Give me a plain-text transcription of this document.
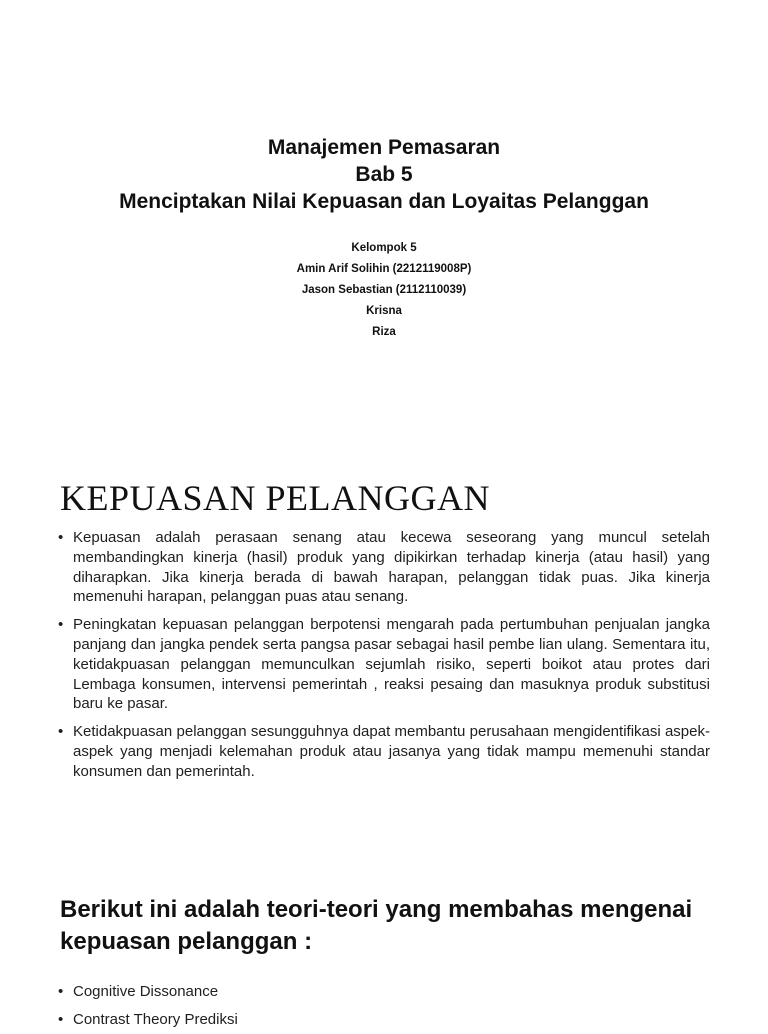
Manajemen Pemasaran
Bab 5
Menciptakan Nilai Kepuasan dan Loyaitas Pelanggan
Kelompok 5
Amin Arif Solihin (2212119008P)
Jason Sebastian (2112110039)
Krisna
Riza
KEPUASAN PELANGGAN
• Kepuasan adalah perasaan senang atau kecewa seseorang yang muncul setelah membandingkan kinerja (hasil) produk yang dipikirkan terhadap kinerja (atau hasil) yang diharapkan. Jika kinerja berada di bawah harapan, pelanggan tidak puas. Jika kinerja memenuhi harapan, pelanggan puas atau senang.
• Peningkatan kepuasan pelanggan berpotensi mengarah pada pertumbuhan penjualan jangka panjang dan jangka pendek serta pangsa pasar sebagai hasil pembe lian ulang. Sementara itu, ketidakpuasan pelanggan memunculkan sejumlah risiko, seperti boikot atau protes dari Lembaga konsumen, intervensi pemerintah , reaksi pesaing dan masuknya produk substitusi baru ke pasar.
• Ketidakpuasan pelanggan sesungguhnya dapat membantu perusahaan mengidentifikasi aspek-aspek yang menjadi kelemahan produk atau jasanya yang tidak mampu memenuhi standar konsumen dan pemerintah.
Berikut ini adalah teori-teori yang membahas mengenai kepuasan pelanggan :
• Cognitive Dissonance
• Contrast Theory Prediksi
